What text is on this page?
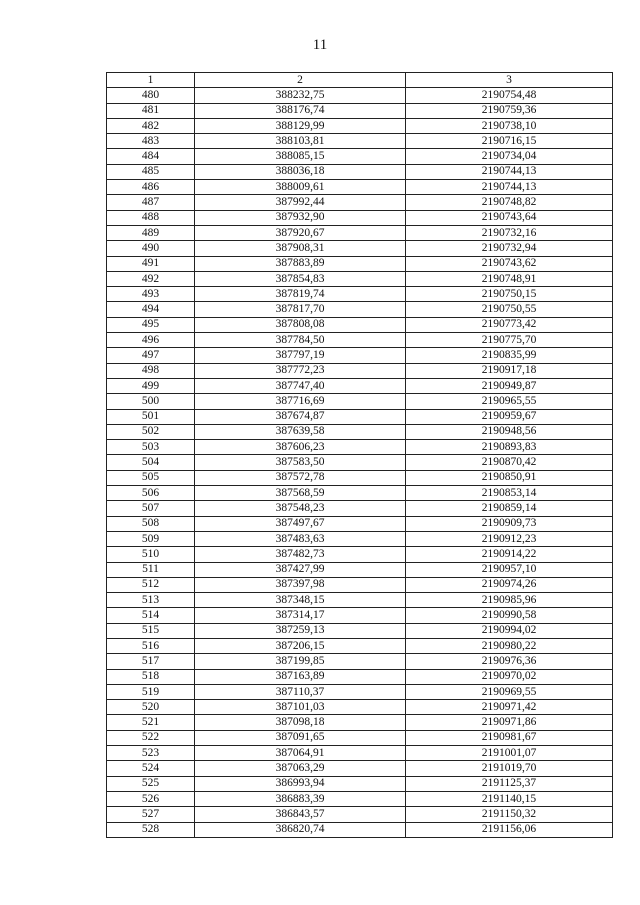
11
1	2	3
480	388232,75	2190754,48
481	388176,74	2190759,36
482	388129,99	2190738,10
483	388103,81	2190716,15
484	388085,15	2190734,04
485	388036,18	2190744,13
486	388009,61	2190744,13
487	387992,44	2190748,82
488	387932,90	2190743,64
489	387920,67	2190732,16
490	387908,31	2190732,94
491	387883,89	2190743,62
492	387854,83	2190748,91
493	387819,74	2190750,15
494	387817,70	2190750,55
495	387808,08	2190773,42
496	387784,50	2190775,70
497	387797,19	2190835,99
498	387772,23	2190917,18
499	387747,40	2190949,87
500	387716,69	2190965,55
501	387674,87	2190959,67
502	387639,58	2190948,56
503	387606,23	2190893,83
504	387583,50	2190870,42
505	387572,78	2190850,91
506	387568,59	2190853,14
507	387548,23	2190859,14
508	387497,67	2190909,73
509	387483,63	2190912,23
510	387482,73	2190914,22
511	387427,99	2190957,10
512	387397,98	2190974,26
513	387348,15	2190985,96
514	387314,17	2190990,58
515	387259,13	2190994,02
516	387206,15	2190980,22
517	387199,85	2190976,36
518	387163,89	2190970,02
519	387110,37	2190969,55
520	387101,03	2190971,42
521	387098,18	2190971,86
522	387091,65	2190981,67
523	387064,91	2191001,07
524	387063,29	2191019,70
525	386993,94	2191125,37
526	386883,39	2191140,15
527	386843,57	2191150,32
528	386820,74	2191156,06
